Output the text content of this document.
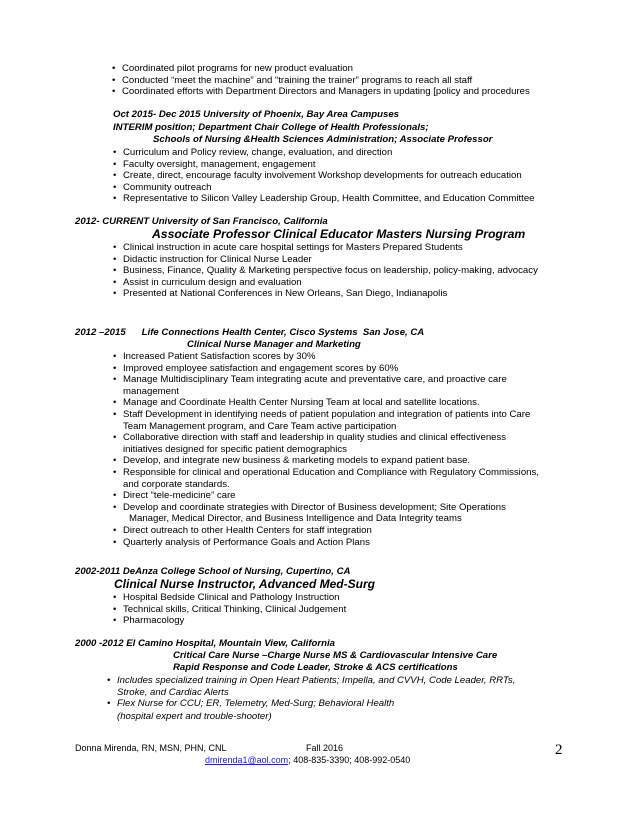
• Coordinated pilot programs for new product evaluation
• Conducted “meet the machine” and “training the trainer” programs to reach all staff
• Coordinated efforts with Department Directors and Managers in updating [policy and procedures
Oct 2015- Dec 2015 University of Phoenix, Bay Area Campuses
INTERIM position; Department Chair College of Health Professionals;
Schools of Nursing &Health Sciences Administration; Associate Professor
• Curriculum and Policy review, change, evaluation, and direction
• Faculty oversight, management, engagement
• Create, direct, encourage faculty involvement Workshop developments for outreach education
• Community outreach
• Representative to Silicon Valley Leadership Group, Health Committee, and Education Committee
2012- CURRENT University of San Francisco, California
Associate Professor Clinical Educator Masters Nursing Program
• Clinical instruction in acute care hospital settings for Masters Prepared Students
• Didactic instruction for Clinical Nurse Leader
• Business, Finance, Quality & Marketing perspective focus on leadership, policy-making, advocacy
• Assist in curriculum design and evaluation
• Presented at National Conferences in New Orleans, San Diego, Indianapolis
2012 –2015      Life Connections Health Center, Cisco Systems  San Jose, CA
Clinical Nurse Manager and Marketing
• Increased Patient Satisfaction scores by 30%
• Improved employee satisfaction and engagement scores by 60%
• Manage Multidisciplinary Team integrating acute and preventative care, and proactive care
management
• Manage and Coordinate Health Center Nursing Team at local and satellite locations.
• Staff Development in identifying needs of patient population and integration of patients into Care
Team Management program, and Care Team active participation
• Collaborative direction with staff and leadership in quality studies and clinical effectiveness
initiatives designed for specific patient demographics
• Develop, and integrate new business & marketing models to expand patient base.
• Responsible for clinical and operational Education and Compliance with Regulatory Commissions,
and corporate standards.
• Direct “tele-medicine” care
• Develop and coordinate strategies with Director of Business development; Site Operations
Manager, Medical Director, and Business Intelligence and Data Integrity teams
• Direct outreach to other Health Centers for staff integration
• Quarterly analysis of Performance Goals and Action Plans
2002-2011 DeAnza College School of Nursing, Cupertino, CA
Clinical Nurse Instructor, Advanced Med-Surg
• Hospital Bedside Clinical and Pathology Instruction
• Technical skills, Critical Thinking, Clinical Judgement
• Pharmacology
2000 -2012 El Camino Hospital, Mountain View, California
Critical Care Nurse –Charge Nurse MS & Cardiovascular Intensive Care
Rapid Response and Code Leader, Stroke & ACS certifications
• Includes specialized training in Open Heart Patients; Impella, and CVVH, Code Leader, RRTs,
Stroke, and Cardiac Alerts
• Flex Nurse for CCU; ER, Telemetry, Med-Surg; Behavioral Health
(hospital expert and trouble-shooter)
Donna Mirenda, RN, MSN, PHN, CNL	Fall 2016
dmirenda1@aol.com; 408-835-3390; 408-992-0540
2
